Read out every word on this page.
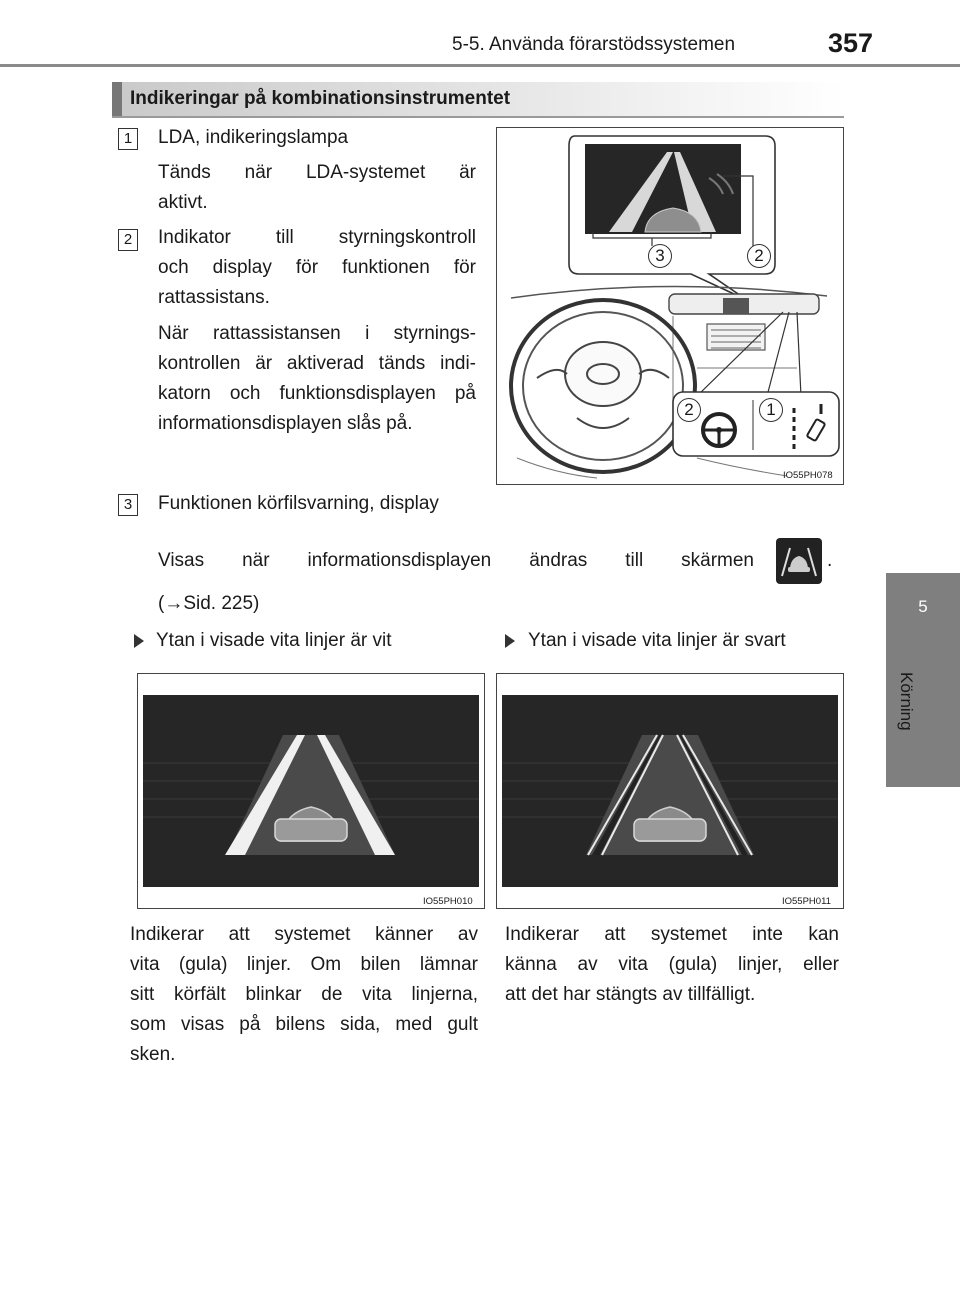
5-5. Använda förarstödssystemen	357
5
Körning
Indikeringar på kombinationsinstrumentet
1	LDA, indikeringslampa
Tänds när LDA-systemet är
aktivt.
2	Indikator till styrningskontroll
och display för funktionen för
rattassistans.
När rattassistansen i styrnings-
kontrollen är aktiverad tänds indi-
katorn och funktionsdisplayen på
informationsdisplayen slås på.
3	2
2	1
IO55PH078
3	Funktionen körfilsvarning, display
Visas när informationsdisplayen ändras till skärmen	.
(→Sid. 225)
Ytan i visade vita linjer är vit	Ytan i visade vita linjer är svart
IO55PH010	IO55PH011
Indikerar att systemet känner av
vita (gula) linjer. Om bilen lämnar
sitt körfält blinkar de vita linjerna,
som visas på bilens sida, med gult
sken.
Indikerar att systemet inte kan
känna av vita (gula) linjer, eller
att det har stängts av tillfälligt.
